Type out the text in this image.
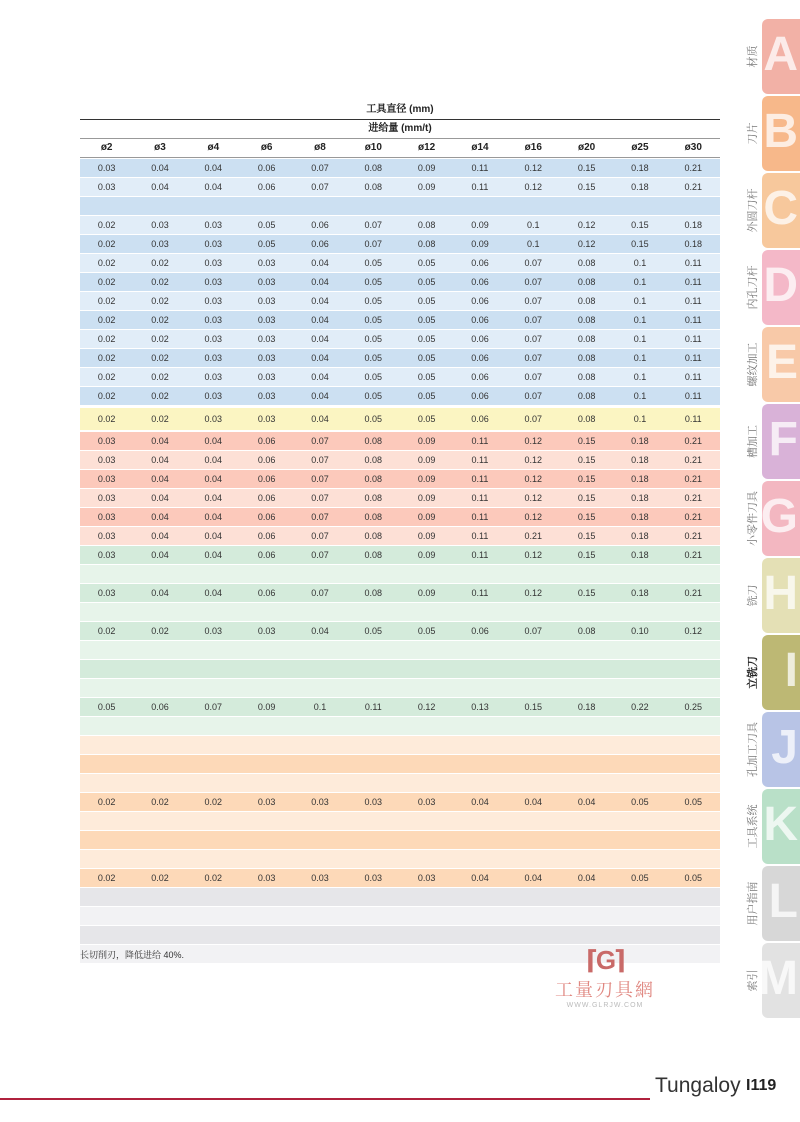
工具直径 (mm)
进给量 (mm/t)
ø2	ø3	ø4	ø6	ø8	ø10	ø12	ø14	ø16	ø20	ø25	ø30
0.03	0.04	0.04	0.06	0.07	0.08	0.09	0.11	0.12	0.15	0.18	0.21
0.03	0.04	0.04	0.06	0.07	0.08	0.09	0.11	0.12	0.15	0.18	0.21
0.02	0.03	0.03	0.05	0.06	0.07	0.08	0.09	0.1	0.12	0.15	0.18
0.02	0.03	0.03	0.05	0.06	0.07	0.08	0.09	0.1	0.12	0.15	0.18
0.02	0.02	0.03	0.03	0.04	0.05	0.05	0.06	0.07	0.08	0.1	0.11
0.02	0.02	0.03	0.03	0.04	0.05	0.05	0.06	0.07	0.08	0.1	0.11
0.02	0.02	0.03	0.03	0.04	0.05	0.05	0.06	0.07	0.08	0.1	0.11
0.02	0.02	0.03	0.03	0.04	0.05	0.05	0.06	0.07	0.08	0.1	0.11
0.02	0.02	0.03	0.03	0.04	0.05	0.05	0.06	0.07	0.08	0.1	0.11
0.02	0.02	0.03	0.03	0.04	0.05	0.05	0.06	0.07	0.08	0.1	0.11
0.02	0.02	0.03	0.03	0.04	0.05	0.05	0.06	0.07	0.08	0.1	0.11
0.02	0.02	0.03	0.03	0.04	0.05	0.05	0.06	0.07	0.08	0.1	0.11
0.02	0.02	0.03	0.03	0.04	0.05	0.05	0.06	0.07	0.08	0.1	0.11
0.03	0.04	0.04	0.06	0.07	0.08	0.09	0.11	0.12	0.15	0.18	0.21
0.03	0.04	0.04	0.06	0.07	0.08	0.09	0.11	0.12	0.15	0.18	0.21
0.03	0.04	0.04	0.06	0.07	0.08	0.09	0.11	0.12	0.15	0.18	0.21
0.03	0.04	0.04	0.06	0.07	0.08	0.09	0.11	0.12	0.15	0.18	0.21
0.03	0.04	0.04	0.06	0.07	0.08	0.09	0.11	0.12	0.15	0.18	0.21
0.03	0.04	0.04	0.06	0.07	0.08	0.09	0.11	0.21	0.15	0.18	0.21
0.03	0.04	0.04	0.06	0.07	0.08	0.09	0.11	0.12	0.15	0.18	0.21
0.03	0.04	0.04	0.06	0.07	0.08	0.09	0.11	0.12	0.15	0.18	0.21
0.02	0.02	0.03	0.03	0.04	0.05	0.05	0.06	0.07	0.08	0.10	0.12
0.05	0.06	0.07	0.09	0.1	0.11	0.12	0.13	0.15	0.18	0.22	0.25
0.02	0.02	0.02	0.03	0.03	0.03	0.03	0.04	0.04	0.04	0.05	0.05
0.02	0.02	0.02	0.03	0.03	0.03	0.03	0.04	0.04	0.04	0.05	0.05
长切削刃，降低进给 40%.	⌈G⌉
工量刃具網
WWW.GLRJW.COM
材质 A
刀片 B
外圆刀杆 C
内孔刀杆 D
螺纹加工 E
槽加工 F
小零件刀具 G
铣刀 H
立铣刀 I
孔加工刀具 J
工具系统 K
用户指南 L
索引 M
Tungaloy I119
